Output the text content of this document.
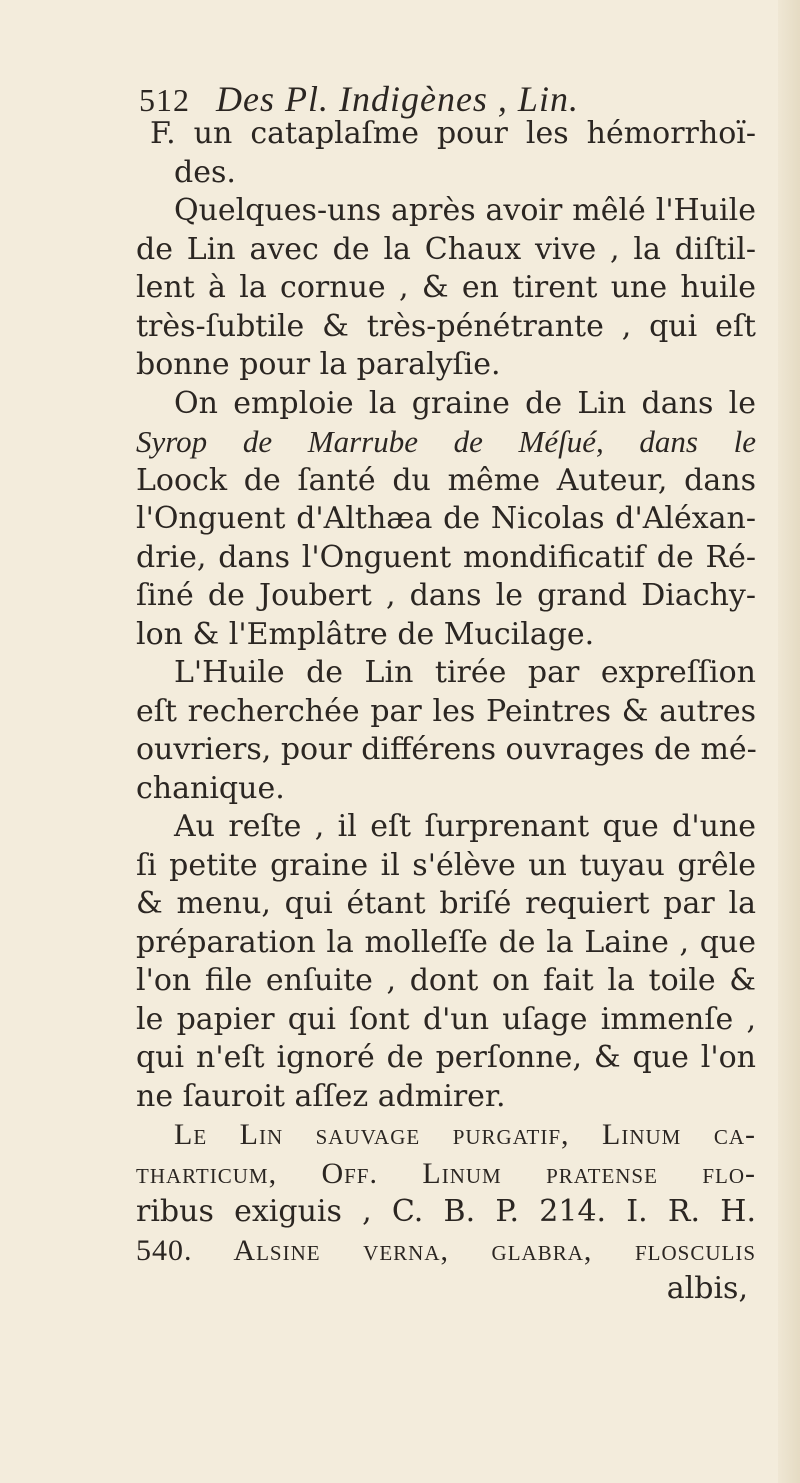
512 Des Pl. Indigènes , Lin.
F. un cataplaſme pour les hémorrhoï-
des.
Quelques-uns après avoir mêlé l'Huile
de Lin avec de la Chaux vive , la diſtil-
lent à la cornue , & en tirent une huile
très-ſubtile & très-pénétrante , qui eſt
bonne pour la paralyſie.
On emploie la graine de Lin dans le
Syrop de Marrube de Méſué, dans le
Loock de ſanté du même Auteur, dans
l'Onguent d'Althæa de Nicolas d'Aléxan-
drie, dans l'Onguent mondificatif de Ré-
ſiné de Joubert , dans le grand Diachy-
lon & l'Emplâtre de Mucilage.
L'Huile de Lin tirée par expreſſion
eſt recherchée par les Peintres & autres
ouvriers, pour différens ouvrages de mé-
chanique.
Au reſte , il eſt ſurprenant que d'une
ſi petite graine il s'élève un tuyau grêle
& menu, qui étant briſé requiert par la
préparation la molleſſe de la Laine , que
l'on file enſuite , dont on fait la toile &
le papier qui ſont d'un uſage immenſe ,
qui n'eſt ignoré de perſonne, & que l'on
ne ſauroit aſſez admirer.
Le Lin ſauvage purgatif, Linum ca-
tharticum, Off. Linum pratense flo-
ribus exiguis , C. B. P. 214. I. R. H.
540. Alsine verna, glabra, floſculis
albis,
